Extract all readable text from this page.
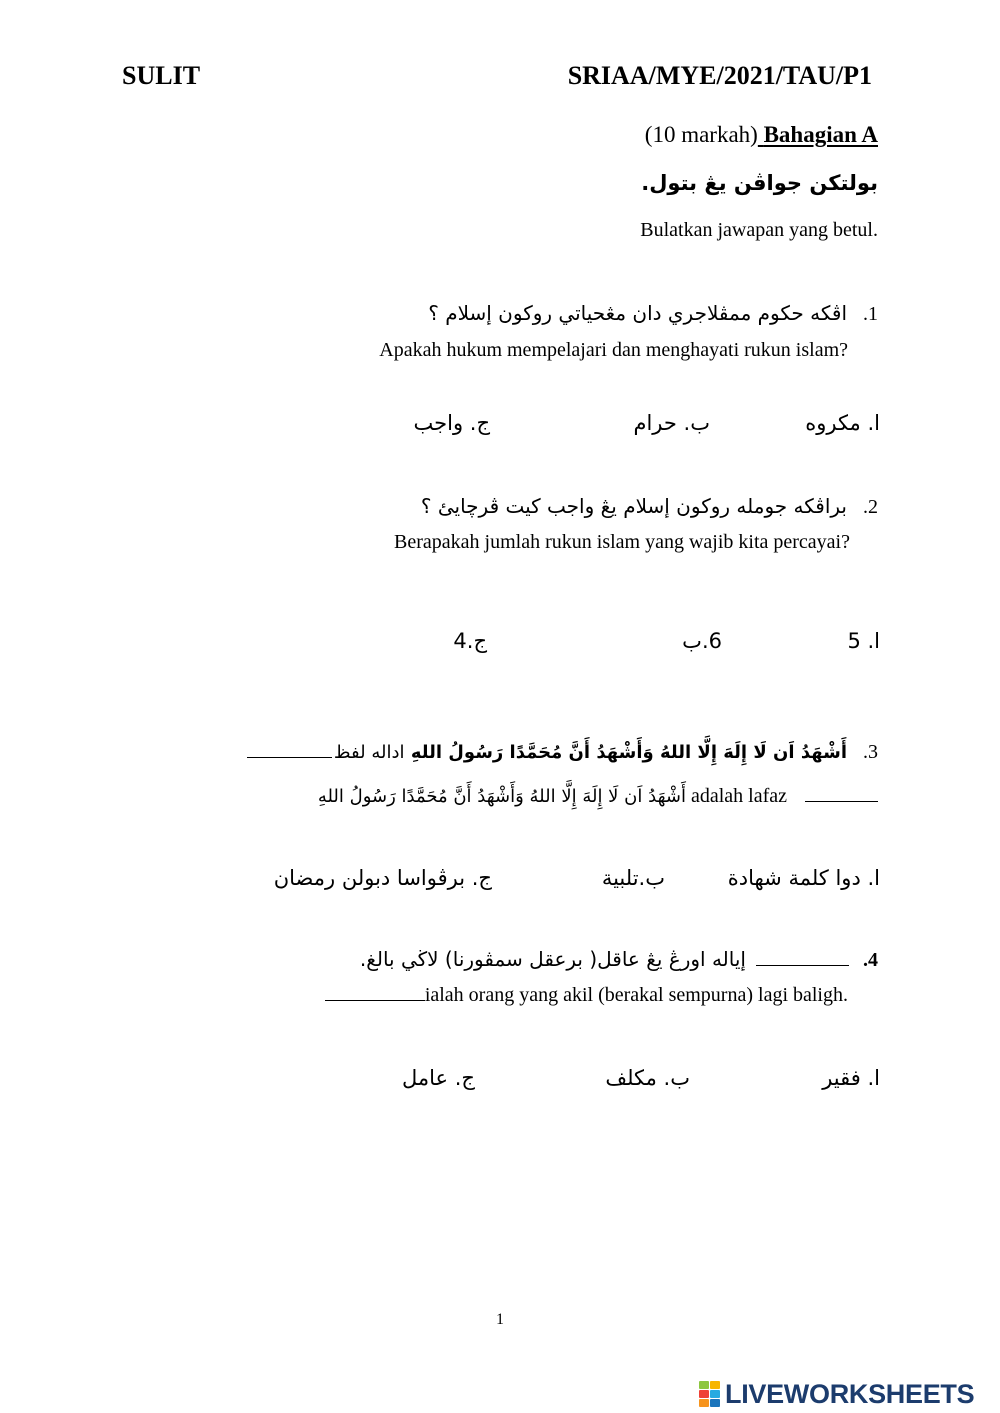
SULIT	SRIAA/MYE/2021/TAU/P1
(10 markah) Bahagian A
بولتكن جواڤن يڠ بتول.
Bulatkan jawapan yang betul.
1.اڤكه حكوم ممڤلاجري دان مڠحياتي روكون إسلام ؟
Apakah hukum mempelajari dan menghayati rukun islam?
ا. مكروه
ب. حرام
ج. واجب
2.براڤكه جومله روكون إسلام يڠ واجب كيت ڤرچايئ ؟
Berapakah jumlah rukun islam yang wajib kita percayai?
ا. 5
6.ب
ج.4
3.أَشْهَدُ اَن لَا إِلَهَ إِلَّا اللهُ وَأَشْهَدُ أَنَّ مُحَمَّدًا رَسُولُ اللهِ اداله لفظ
أَشْهَدُ اَن لَا إِلَهَ إِلَّا اللهُ وَأَشْهَدُ أَنَّ مُحَمَّدًا رَسُولُ اللهِ adalah lafaz
ا. دوا كلمة شهادة
ب.تلبية
ج. برڤواسا دبولن رمضان
4.إياله اورڠ يڠ عاقل( برعقل سمڤورنا) لاڬي بالغ.
ialah orang yang akil (berakal sempurna) lagi baligh.
ا. فقير
ب. مكلف
ج. عامل
1
LIVEWORKSHEETS
